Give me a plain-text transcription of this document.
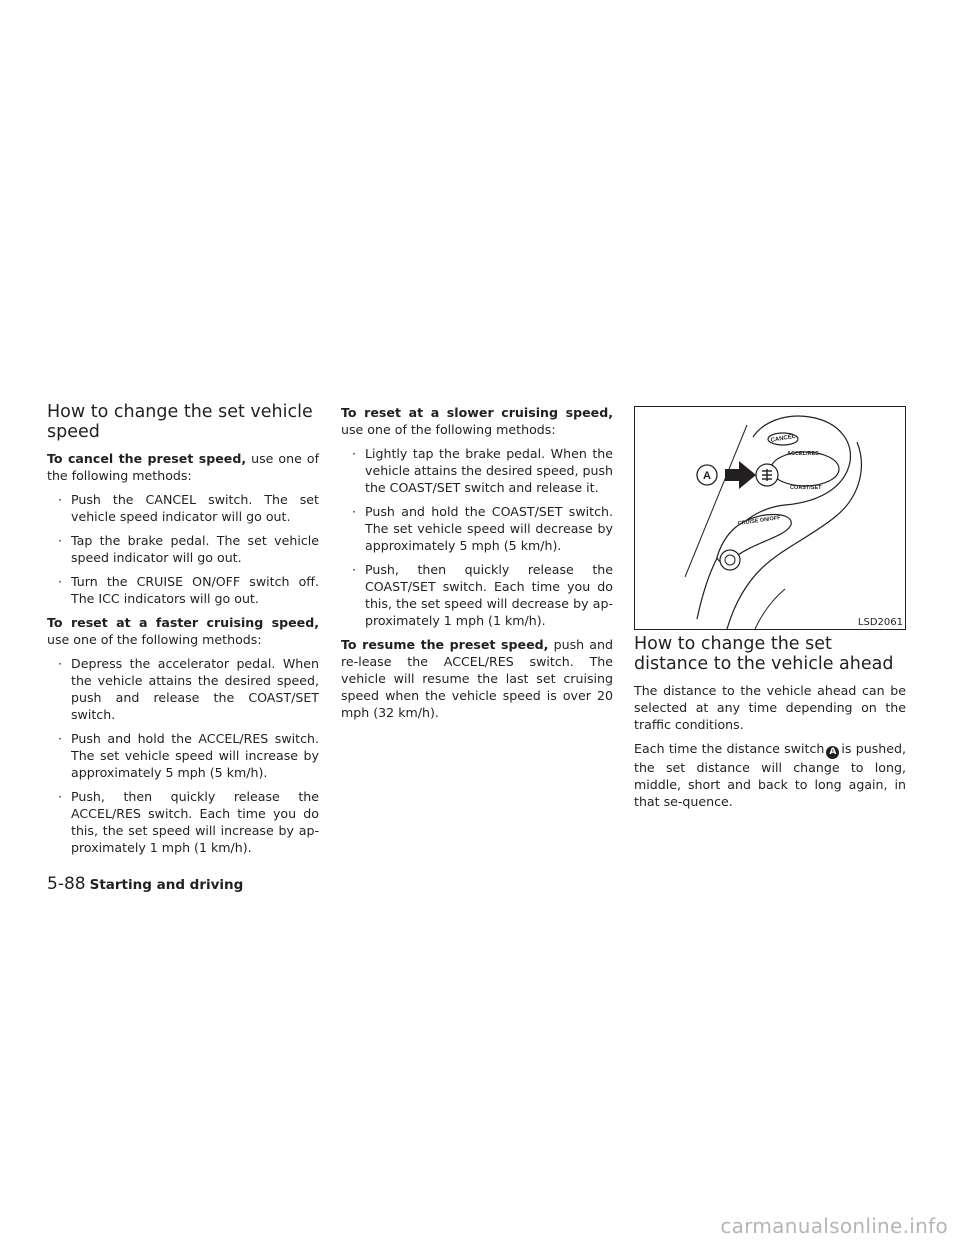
How to change the set vehicle speed

To cancel the preset speed, use one of the following methods:

· Push the CANCEL switch. The set vehicle speed indicator will go out.
· Tap the brake pedal. The set vehicle speed indicator will go out.
· Turn the CRUISE ON/OFF switch off. The ICC indicators will go out.

To reset at a faster cruising speed, use one of the following methods:

· Depress the accelerator pedal. When the vehicle attains the desired speed, push and release the COAST/SET switch.
· Push and hold the ACCEL/RES switch. The set vehicle speed will increase by approximately 5 mph (5 km/h).
· Push, then quickly release the ACCEL/RES switch. Each time you do this, the set speed will increase by ap-proximately 1 mph (1 km/h).

To reset at a slower cruising speed, use one of the following methods:

· Lightly tap the brake pedal. When the vehicle attains the desired speed, push the COAST/SET switch and release it.
· Push and hold the COAST/SET switch. The set vehicle speed will decrease by approximately 5 mph (5 km/h).
· Push, then quickly release the COAST/SET switch. Each time you do this, the set speed will decrease by ap-proximately 1 mph (1 km/h).

To resume the preset speed, push and re-lease the ACCEL/RES switch. The vehicle will resume the last set cruising speed when the vehicle speed is over 20 mph (32 km/h).

CANCEL
ACCEL/RES
COAST/SET
CRUISE ON/OFF
A
LSD2061
How to change the set distance to the vehicle ahead

The distance to the vehicle ahead can be selected at any time depending on the traffic conditions.

Each time the distance switch A is pushed, the set distance will change to long, middle, short and back to long again, in that se-quence.

5-88 Starting and driving
carmanualsonline.info
